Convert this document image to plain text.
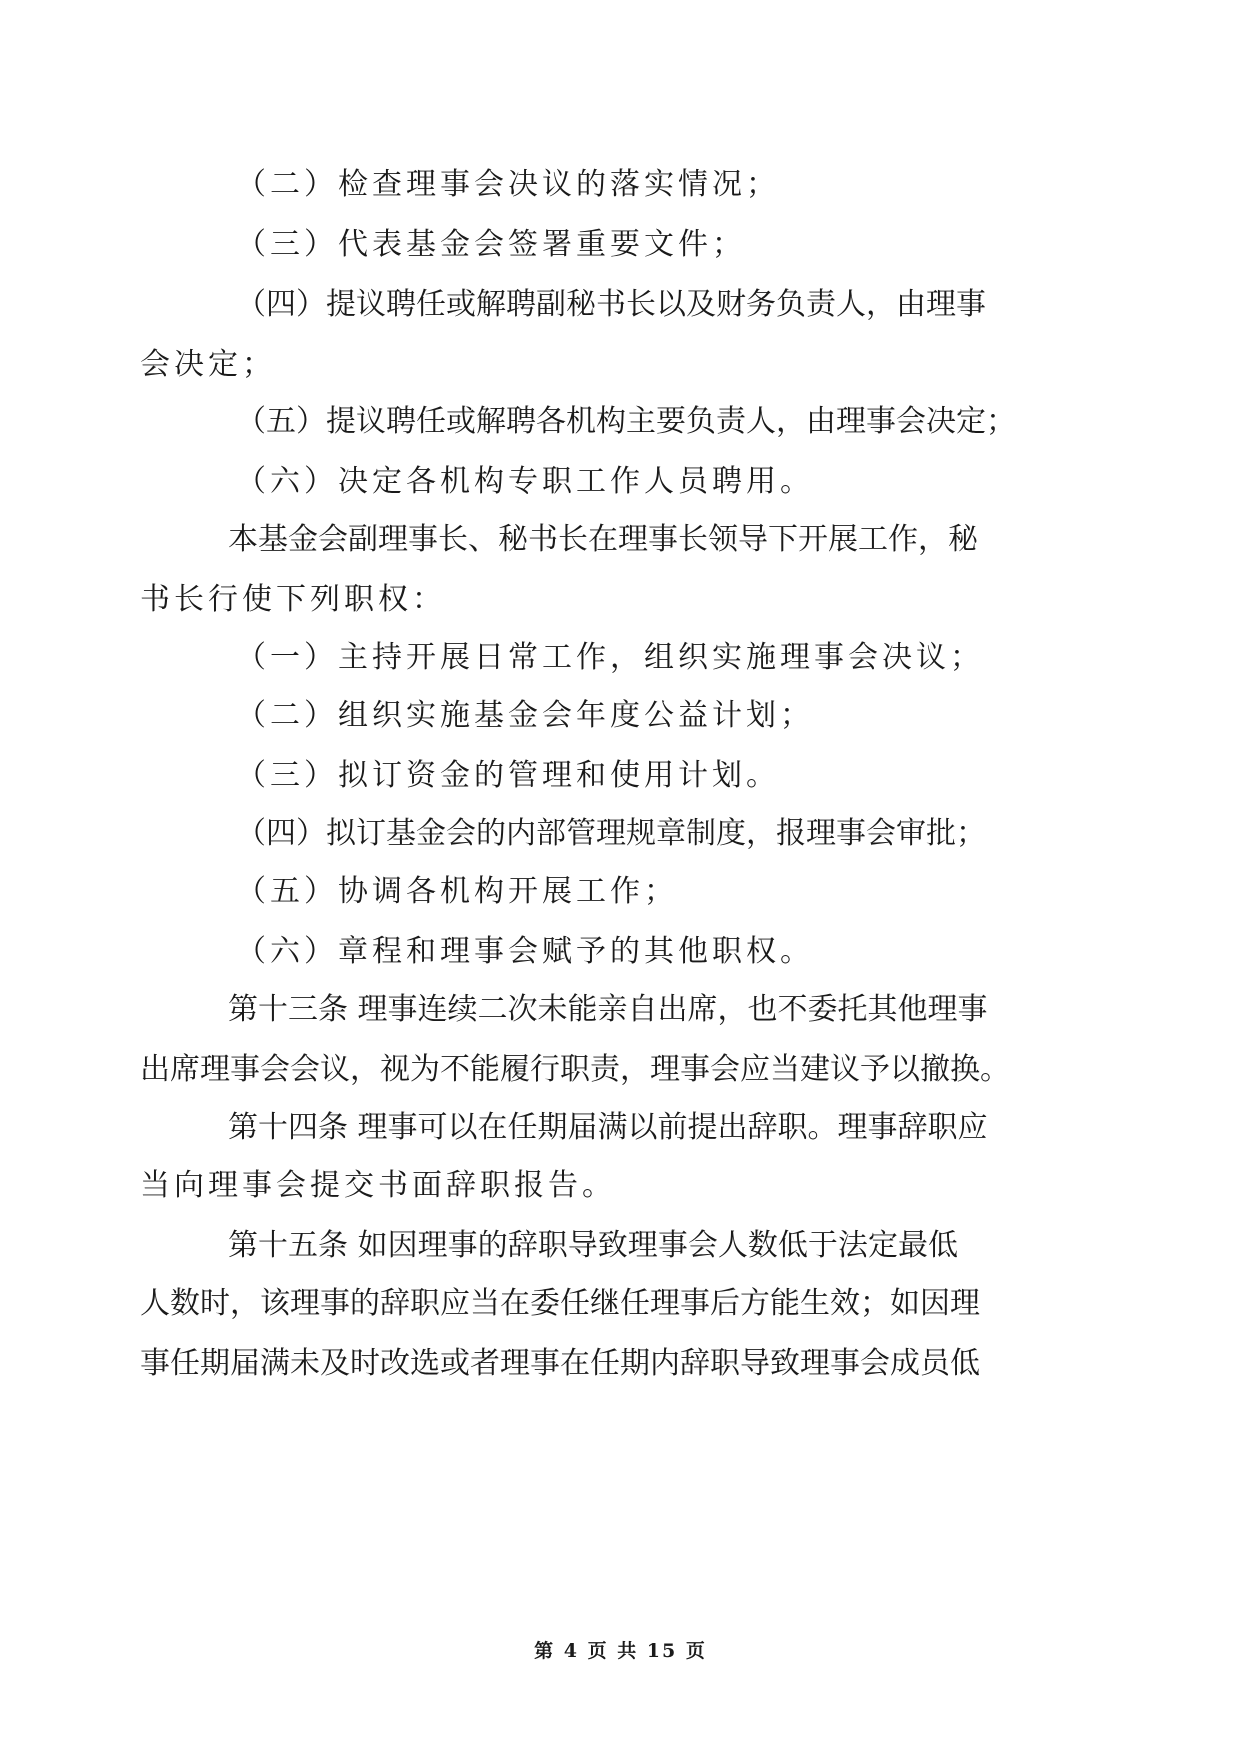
（二）检查理事会决议的落实情况；
（三）代表基金会签署重要文件；
（四）提议聘任或解聘副秘书长以及财务负责人，由理事
会决定；
（五）提议聘任或解聘各机构主要负责人，由理事会决定；
（六）决定各机构专职工作人员聘用。
本基金会副理事长、秘书长在理事长领导下开展工作，秘
书长行使下列职权：
（一）主持开展日常工作，组织实施理事会决议；
（二）组织实施基金会年度公益计划；
（三）拟订资金的管理和使用计划。
（四）拟订基金会的内部管理规章制度，报理事会审批；
（五）协调各机构开展工作；
（六）章程和理事会赋予的其他职权。
第十三条 理事连续二次未能亲自出席，也不委托其他理事
出席理事会会议，视为不能履行职责，理事会应当建议予以撤换。
第十四条 理事可以在任期届满以前提出辞职。理事辞职应
当向理事会提交书面辞职报告。
第十五条 如因理事的辞职导致理事会人数低于法定最低
人数时，该理事的辞职应当在委任继任理事后方能生效；如因理
事任期届满未及时改选或者理事在任期内辞职导致理事会成员低
第 4 页 共 15 页
